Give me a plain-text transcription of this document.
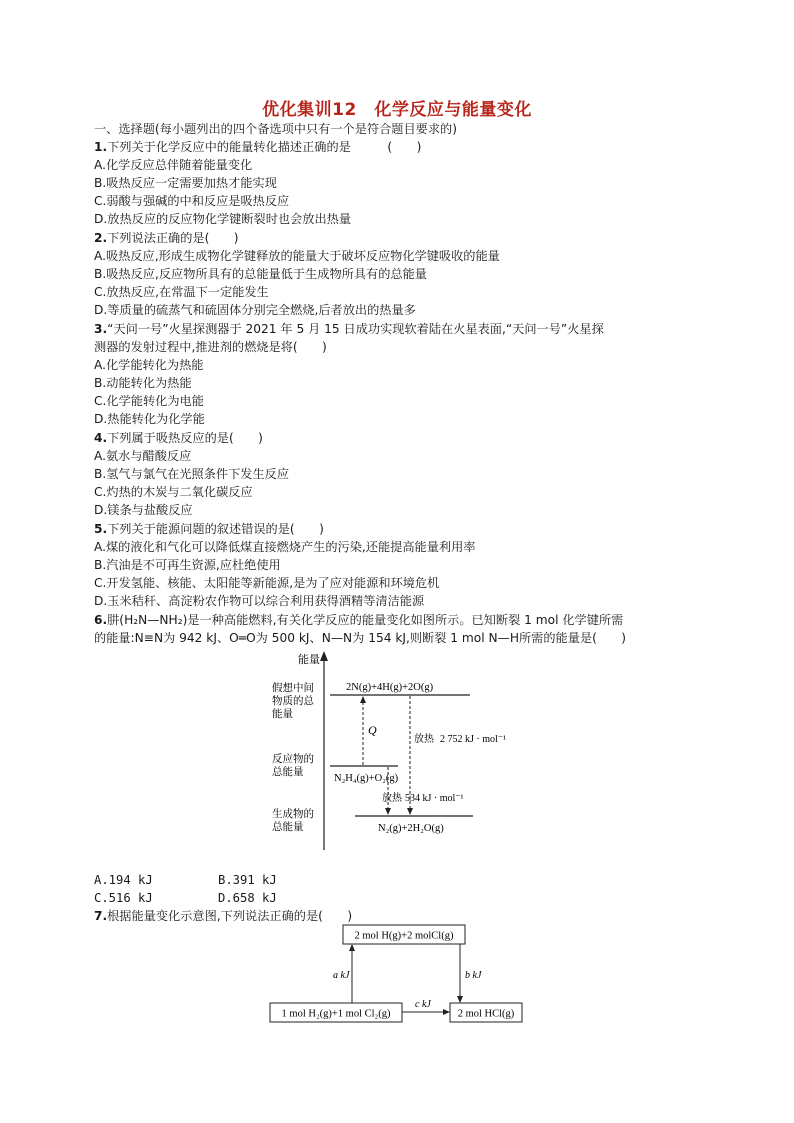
优化集训12　化学反应与能量变化
一、选择题(每小题列出的四个备选项中只有一个是符合题目要求的)
1.下列关于化学反应中的能量转化描述正确的是　　　(　　)
A.化学反应总伴随着能量变化
B.吸热反应一定需要加热才能实现
C.弱酸与强碱的中和反应是吸热反应
D.放热反应的反应物化学键断裂时也会放出热量
2.下列说法正确的是(　　)
A.吸热反应,形成生成物化学键释放的能量大于破坏反应物化学键吸收的能量
B.吸热反应,反应物所具有的总能量低于生成物所具有的总能量
C.放热反应,在常温下一定能发生
D.等质量的硫蒸气和硫固体分别完全燃烧,后者放出的热量多
3.“天问一号”火星探测器于 2021 年 5 月 15 日成功实现软着陆在火星表面,“天问一号”火星探
测器的发射过程中,推进剂的燃烧是将(　　)
A.化学能转化为热能
B.动能转化为热能
C.化学能转化为电能
D.热能转化为化学能
4.下列属于吸热反应的是(　　)
A.氨水与醋酸反应
B.氢气与氯气在光照条件下发生反应
C.灼热的木炭与二氧化碳反应
D.镁条与盐酸反应
5.下列关于能源问题的叙述错误的是(　　)
A.煤的液化和气化可以降低煤直接燃烧产生的污染,还能提高能量利用率
B.汽油是不可再生资源,应杜绝使用
C.开发氢能、核能、太阳能等新能源,是为了应对能源和环境危机
D.玉米秸秆、高淀粉农作物可以综合利用获得酒精等清洁能源
6.肼(H₂N—NH₂)是一种高能燃料,有关化学反应的能量变化如图所示。已知断裂 1 mol 化学键所需
的能量:N≡N为 942 kJ、O═O为 500 kJ、N—N为 154 kJ,则断裂 1 mol N—H所需的能量是(　　)
能量
假想中间
物质的总
能量
反应物的
总能量
生成物的
总能量
2N(g)+4H(g)+2O(g)
N₂H₄(g)+O₂(g)
N₂(g)+2H₂O(g)
Q
放热 2 752 kJ · mol⁻¹
放热 534 kJ · mol⁻¹
A.194 kJ	B.391 kJ
C.516 kJ	D.658 kJ
7.根据能量变化示意图,下列说法正确的是(　　)
2 mol H(g)+2 molCl(g)
1 mol H₂(g)+1 mol Cl₂(g)	2 mol HCl(g)
a kJ	b kJ
c kJ
